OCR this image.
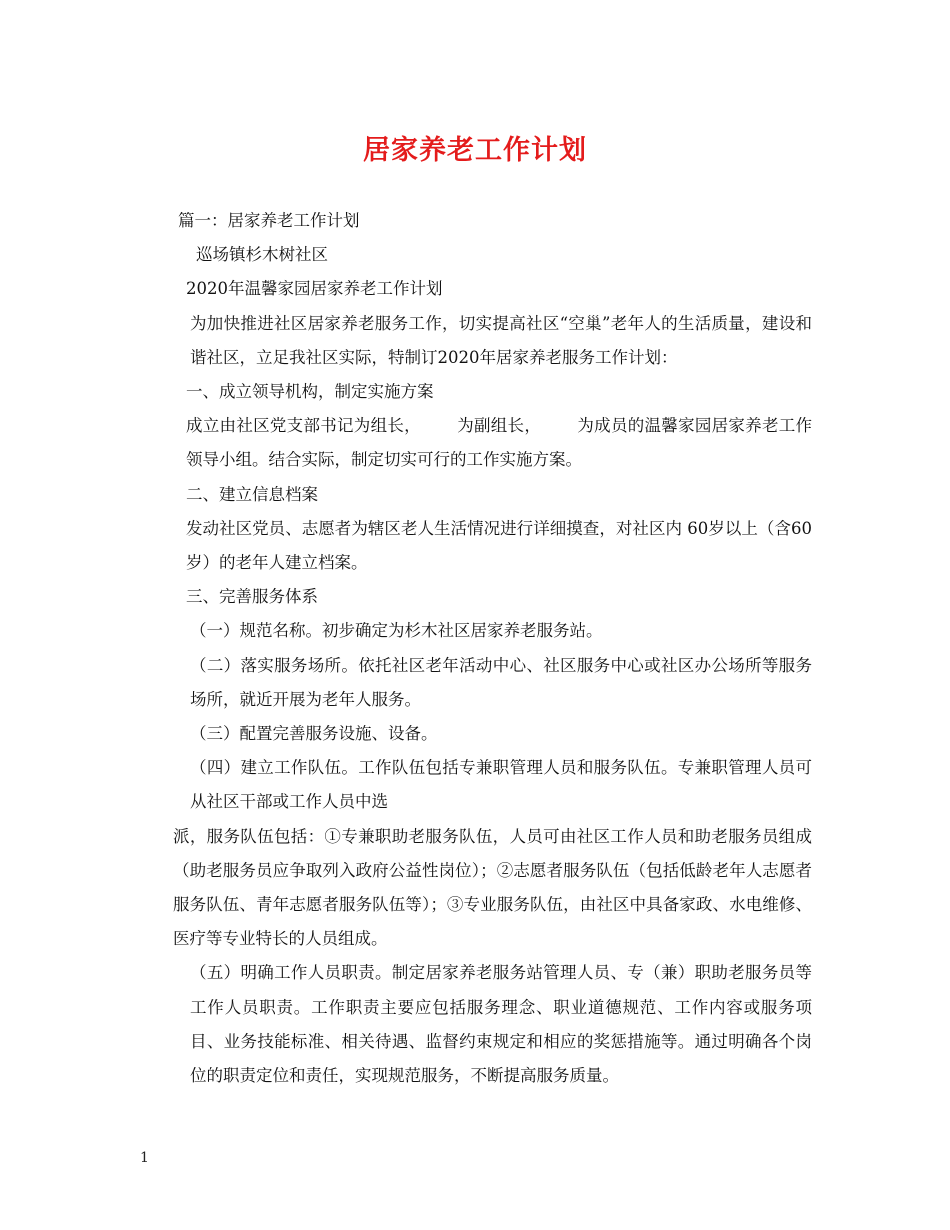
居家养老工作计划

篇一：居家养老工作计划

巡场镇杉木树社区

2020年温馨家园居家养老工作计划

为加快推进社区居家养老服务工作，切实提高社区“空巢”老年人的生活质量，建设和谐社区，立足我社区实际，特制订2020年居家养老服务工作计划：

一、成立领导机构，制定实施方案

成立由社区党支部书记为组长， 为副组长， 为成员的温馨家园居家养老工作领导小组。结合实际，制定切实可行的工作实施方案。

二、建立信息档案

发动社区党员、志愿者为辖区老人生活情况进行详细摸查，对社区内 60岁以上（含60岁）的老年人建立档案。

三、完善服务体系

（一）规范名称。初步确定为杉木社区居家养老服务站。

（二）落实服务场所。依托社区老年活动中心、社区服务中心或社区办公场所等服务场所，就近开展为老年人服务。

（三）配置完善服务设施、设备。

（四）建立工作队伍。工作队伍包括专兼职管理人员和服务队伍。专兼职管理人员可从社区干部或工作人员中选

派，服务队伍包括：①专兼职助老服务队伍，人员可由社区工作人员和助老服务员组成（助老服务员应争取列入政府公益性岗位）；②志愿者服务队伍（包括低龄老年人志愿者服务队伍、青年志愿者服务队伍等）；③专业服务队伍，由社区中具备家政、水电维修、医疗等专业特长的人员组成。

（五）明确工作人员职责。制定居家养老服务站管理人员、专（兼）职助老服务员等工作人员职责。工作职责主要应包括服务理念、职业道德规范、工作内容或服务项目、业务技能标准、相关待遇、监督约束规定和相应的奖惩措施等。通过明确各个岗位的职责定位和责任，实现规范服务，不断提高服务质量。

1
